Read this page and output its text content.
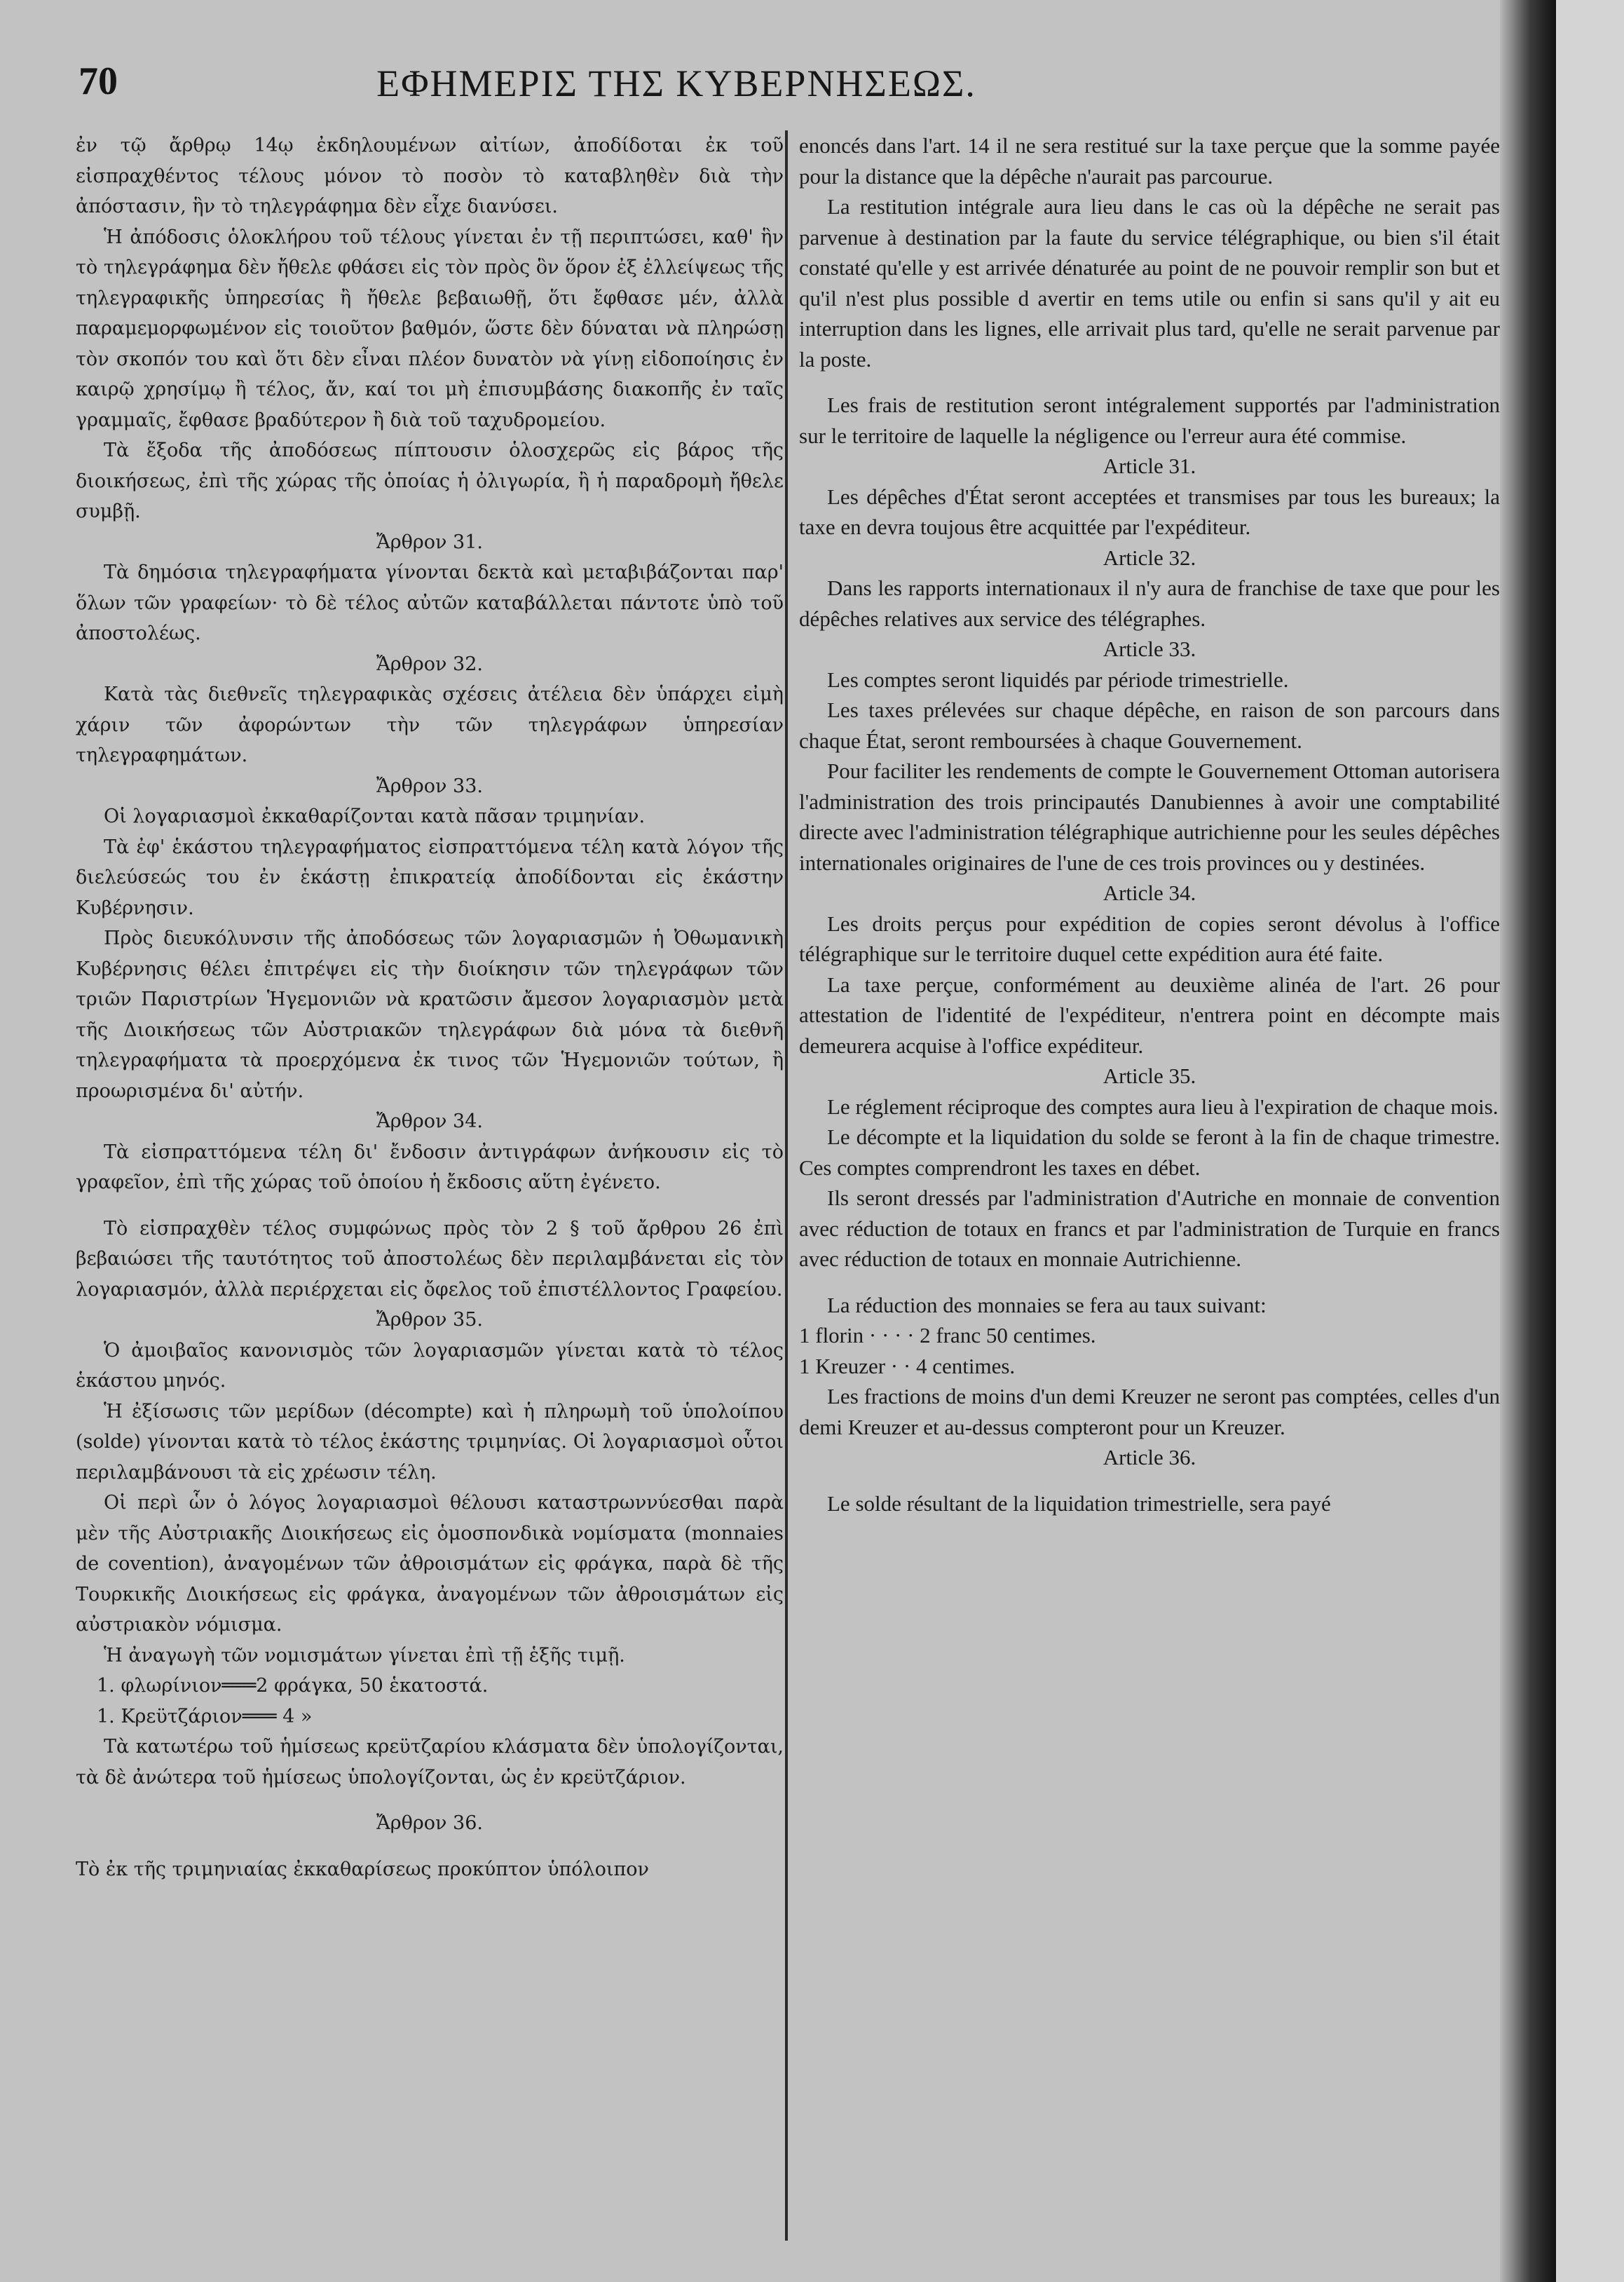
70	ΕΦΗΜΕΡΙΣ ΤΗΣ ΚΥΒΕΡΝΗΣΕΩΣ.

ἐν τῷ ἄρθρῳ 14ῳ ἐκδηλουμένων αἰτίων, ἀποδίδοται ἐκ τοῦ εἰσπραχθέντος τέλους μόνον τὸ ποσὸν τὸ καταβληθὲν διὰ τὴν ἀπόστασιν, ἣν τὸ τηλεγράφημα δὲν εἶχε διανύσει.

Ἡ ἀπόδοσις ὁλοκλήρου τοῦ τέλους γίνεται ἐν τῇ περιπτώσει, καθ' ἣν τὸ τηλεγράφημα δὲν ἤθελε φθάσει εἰς τὸν πρὸς ὃν ὅρον ἐξ ἐλλείψεως τῆς τηλεγραφικῆς ὑπηρεσίας ἢ ἤθελε βεβαιωθῇ, ὅτι ἔφθασε μέν, ἀλλὰ παραμεμορφωμένον εἰς τοιοῦτον βαθμόν, ὥστε δὲν δύναται νὰ πληρώσῃ τὸν σκοπόν του καὶ ὅτι δὲν εἶναι πλέον δυνατὸν νὰ γίνῃ εἰδοποίησις ἐν καιρῷ χρησίμῳ ἢ τέλος, ἄν, καί τοι μὴ ἐπισυμβάσης διακοπῆς ἐν ταῖς γραμμαῖς, ἔφθασε βραδύτερον ἢ διὰ τοῦ ταχυδρομείου.

Τὰ ἔξοδα τῆς ἀποδόσεως πίπτουσιν ὁλοσχερῶς εἰς βάρος τῆς διοικήσεως, ἐπὶ τῆς χώρας τῆς ὁποίας ἡ ὀλιγωρία, ἢ ἡ παραδρομὴ ἤθελε συμβῇ.

Ἄρθρον 31.

Τὰ δημόσια τηλεγραφήματα γίνονται δεκτὰ καὶ μεταβιβάζονται παρ' ὅλων τῶν γραφείων· τὸ δὲ τέλος αὐτῶν καταβάλλεται πάντοτε ὑπὸ τοῦ ἀποστολέως.

Ἄρθρον 32.

Κατὰ τὰς διεθνεῖς τηλεγραφικὰς σχέσεις ἀτέλεια δὲν ὑπάρχει εἰμὴ χάριν τῶν ἀφορώντων τὴν τῶν τηλεγράφων ὑπηρεσίαν τηλεγραφημάτων.

Ἄρθρον 33.

Οἱ λογαριασμοὶ ἐκκαθαρίζονται κατὰ πᾶσαν τριμηνίαν.

Τὰ ἐφ' ἑκάστου τηλεγραφήματος εἰσπραττόμενα τέλη κατὰ λόγον τῆς διελεύσεώς του ἐν ἑκάστῃ ἐπικρατείᾳ ἀποδίδονται εἰς ἑκάστην Κυβέρνησιν.

Πρὸς διευκόλυνσιν τῆς ἀποδόσεως τῶν λογαριασμῶν ἡ Ὀθωμανικὴ Κυβέρνησις θέλει ἐπιτρέψει εἰς τὴν διοίκησιν τῶν τηλεγράφων τῶν τριῶν Παριστρίων Ἡγεμονιῶν νὰ κρατῶσιν ἄμεσον λογαριασμὸν μετὰ τῆς Διοικήσεως τῶν Αὐστριακῶν τηλεγράφων διὰ μόνα τὰ διεθνῆ τηλεγραφήματα τὰ προερχόμενα ἐκ τινος τῶν Ἡγεμονιῶν τούτων, ἢ προωρισμένα δι' αὐτήν.

Ἄρθρον 34.

Τὰ εἰσπραττόμενα τέλη δι' ἔνδοσιν ἀντιγράφων ἀνήκουσιν εἰς τὸ γραφεῖον, ἐπὶ τῆς χώρας τοῦ ὁποίου ἡ ἔκδοσις αὕτη ἐγένετο.

Τὸ εἰσπραχθὲν τέλος συμφώνως πρὸς τὸν 2 § τοῦ ἄρθρου 26 ἐπὶ βεβαιώσει τῆς ταυτότητος τοῦ ἀποστολέως δὲν περιλαμβάνεται εἰς τὸν λογαριασμόν, ἀλλὰ περιέρχεται εἰς ὄφελος τοῦ ἐπιστέλλοντος Γραφείου.

Ἄρθρον 35.

Ὁ ἀμοιβαῖος κανονισμὸς τῶν λογαριασμῶν γίνεται κατὰ τὸ τέλος ἑκάστου μηνός.

Ἡ ἐξίσωσις τῶν μερίδων (décompte) καὶ ἡ πληρωμὴ τοῦ ὑπολοίπου (solde) γίνονται κατὰ τὸ τέλος ἑκάστης τριμηνίας. Οἱ λογαριασμοὶ οὗτοι περιλαμβάνουσι τὰ εἰς χρέωσιν τέλη.

Οἱ περὶ ὧν ὁ λόγος λογαριασμοὶ θέλουσι καταστρωννύεσθαι παρὰ μὲν τῆς Αὐστριακῆς Διοικήσεως εἰς ὁμοσπονδικὰ νομίσματα (monnaies de covention), ἀναγομένων τῶν ἀθροισμάτων εἰς φράγκα, παρὰ δὲ τῆς Τουρκικῆς Διοικήσεως εἰς φράγκα, ἀναγομένων τῶν ἀθροισμάτων εἰς αὐστριακὸν νόμισμα.

Ἡ ἀναγωγὴ τῶν νομισμάτων γίνεται ἐπὶ τῇ ἑξῆς τιμῇ.

1. φλωρίνιον═══2 φράγκα, 50 ἑκατοστά.

1. Κρεϋτζάριον═══ 4 »

Τὰ κατωτέρω τοῦ ἡμίσεως κρεϋτζαρίου κλάσματα δὲν ὑπολογίζονται, τὰ δὲ ἀνώτερα τοῦ ἡμίσεως ὑπολογίζονται, ὡς ἐν κρεϋτζάριον.

Ἄρθρον 36.

Τὸ ἐκ τῆς τριμηνιαίας ἐκκαθαρίσεως προκύπτον ὑπόλοιπον

enoncés dans l'art. 14 il ne sera restitué sur la taxe perçue que la somme payée pour la distance que la dépêche n'aurait pas parcourue.

La restitution intégrale aura lieu dans le cas où la dépêche ne serait pas parvenue à destination par la faute du service télégraphique, ou bien s'il était constaté qu'elle y est arrivée dénaturée au point de ne pouvoir remplir son but et qu'il n'est plus possible d avertir en tems utile ou enfin si sans qu'il y ait eu interruption dans les lignes, elle arrivait plus tard, qu'elle ne serait parvenue par la poste.

Les frais de restitution seront intégralement supportés par l'administration sur le territoire de laquelle la négligence ou l'erreur aura été commise.

Article 31.

Les dépêches d'État seront acceptées et transmises par tous les bureaux; la taxe en devra toujous être acquittée par l'expéditeur.

Article 32.

Dans les rapports internationaux il n'y aura de franchise de taxe que pour les dépêches relatives aux service des télégraphes.

Article 33.

Les comptes seront liquidés par période trimestrielle.

Les taxes prélevées sur chaque dépêche, en raison de son parcours dans chaque État, seront remboursées à chaque Gouvernement.

Pour faciliter les rendements de compte le Gouvernement Ottoman autorisera l'administration des trois principautés Danubiennes à avoir une comptabilité directe avec l'administration télégraphique autrichienne pour les seules dépêches internationales originaires de l'une de ces trois provinces ou y destinées.

Article 34.

Les droits perçus pour expédition de copies seront dévolus à l'office télégraphique sur le territoire duquel cette expédition aura été faite.

La taxe perçue, conformément au deuxième alinéa de l'art. 26 pour attestation de l'identité de l'expéditeur, n'entrera point en décompte mais demeurera acquise à l'office expéditeur.

Article 35.

Le réglement réciproque des comptes aura lieu à l'expiration de chaque mois.

Le décompte et la liquidation du solde se feront à la fin de chaque trimestre. Ces comptes comprendront les taxes en débet.

Ils seront dressés par l'administration d'Autriche en monnaie de convention avec réduction de totaux en francs et par l'administration de Turquie en francs avec réduction de totaux en monnaie Autrichienne.

La réduction des monnaies se fera au taux suivant:

1 florin · · · · 2 franc 50 centimes.

1 Kreuzer · · 4 centimes.

Les fractions de moins d'un demi Kreuzer ne seront pas comptées, celles d'un demi Kreuzer et au-dessus compteront pour un Kreuzer.

Article 36.

Le solde résultant de la liquidation trimestrielle, sera payé
